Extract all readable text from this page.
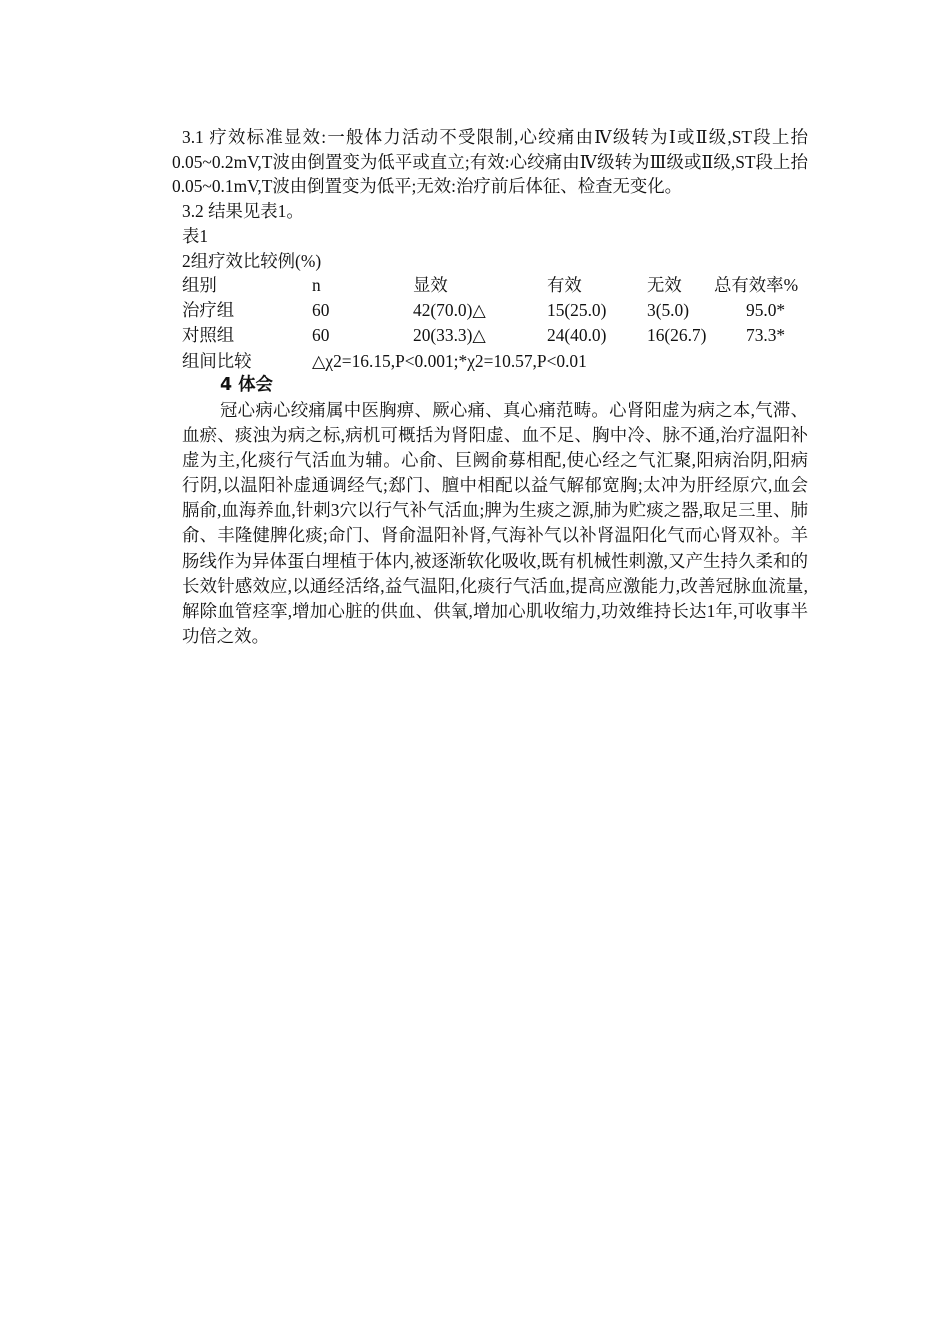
3.1 疗效标准显效:一般体力活动不受限制,心绞痛由Ⅳ级转为Ⅰ或Ⅱ级,ST段上抬0.05~0.2mV,T波由倒置变为低平或直立;有效:心绞痛由Ⅳ级转为Ⅲ级或Ⅱ级,ST段上抬0.05~0.1mV,T波由倒置变为低平;无效:治疗前后体征、检查无变化。
3.2 结果见表1。
表1
2组疗效比较例(%)
组别	n	显效	有效	无效 总有效率%
治疗组	60	42(70.0)△	15(25.0) 3(5.0)	95.0*
对照组	60	20(33.3)△	24(40.0) 16(26.7) 73.3*
组间比较	△χ2=16.15,P<0.001;*χ2=10.57,P<0.01
4 体会
冠心病心绞痛属中医胸痹、厥心痛、真心痛范畴。心肾阳虚为病之本,气滞、血瘀、痰浊为病之标,病机可概括为肾阳虚、血不足、胸中冷、脉不通,治疗温阳补虚为主,化痰行气活血为辅。心俞、巨阙俞募相配,使心经之气汇聚,阳病治阴,阳病行阴,以温阳补虚通调经气;郄门、膻中相配以益气解郁宽胸;太冲为肝经原穴,血会膈俞,血海养血,针刺3穴以行气补气活血;脾为生痰之源,肺为贮痰之器,取足三里、肺俞、丰隆健脾化痰;命门、肾俞温阳补肾,气海补气以补肾温阳化气而心肾双补。羊肠线作为异体蛋白埋植于体内,被逐渐软化吸收,既有机械性刺激,又产生持久柔和的长效针感效应,以通经活络,益气温阳,化痰行气活血,提高应激能力,改善冠脉血流量,解除血管痉挛,增加心脏的供血、供氧,增加心肌收缩力,功效维持长达1年,可收事半功倍之效。
